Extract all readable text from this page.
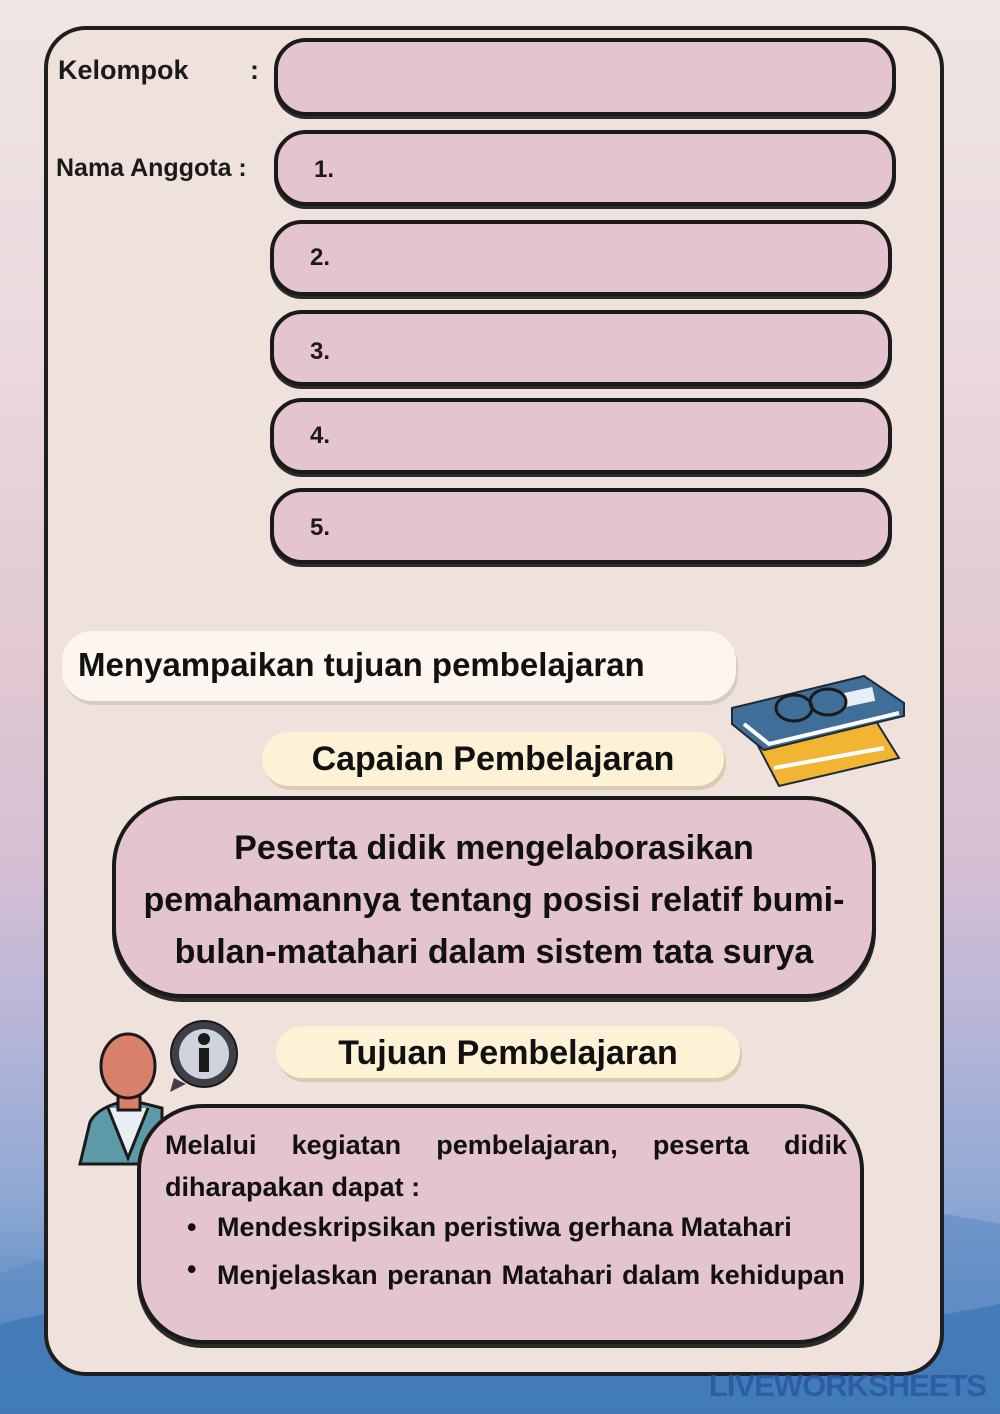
Kelompok :
Nama Anggota :	1.
2.
3.
4.
5.
Menyampaikan tujuan pembelajaran
Capaian Pembelajaran
Peserta didik mengelaborasikan
pemahamannya tentang posisi relatif bumi-
bulan-matahari dalam sistem tata surya
Tujuan Pembelajaran
Melalui kegiatan pembelajaran, peserta didik
diharapakan dapat :
• Mendeskripsikan peristiwa gerhana Matahari
• Menjelaskan peranan Matahari dalam kehidupan
LIVEWORKSHEETS
